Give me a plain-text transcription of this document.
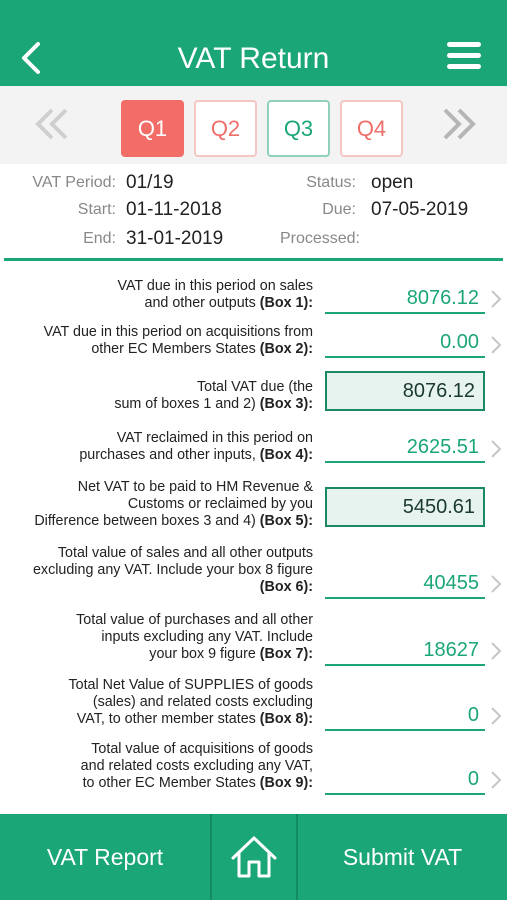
VAT Return
Q1	Q2	Q3	Q4
VAT Period: 01/19	Status: open
Start: 01-11-2018	Due: 07-05-2019
End: 31-01-2019	Processed:
VAT due in this period on sales
and other outputs (Box 1):	8076.12
VAT due in this period on acquisitions from
other EC Members States (Box 2):	0.00
Total VAT due (the
sum of boxes 1 and 2) (Box 3):
8076.12
VAT reclaimed in this period on
purchases and other inputs, (Box 4):	2625.51
Net VAT to be paid to HM Revenue &
Customs or reclaimed by you
Difference between boxes 3 and 4) (Box 5):
5450.61
Total value of sales and all other outputs
excluding any VAT. Include your box 8 figure
(Box 6):	40455
Total value of purchases and all other
inputs excluding any VAT. Include
your box 9 figure (Box 7):	18627
Total Net Value of SUPPLIES of goods
(sales) and related costs excluding
VAT, to other member states (Box 8):	0
Total value of acquisitions of goods
and related costs excluding any VAT,
to other EC Member States (Box 9):	0
VAT Report	Submit VAT
